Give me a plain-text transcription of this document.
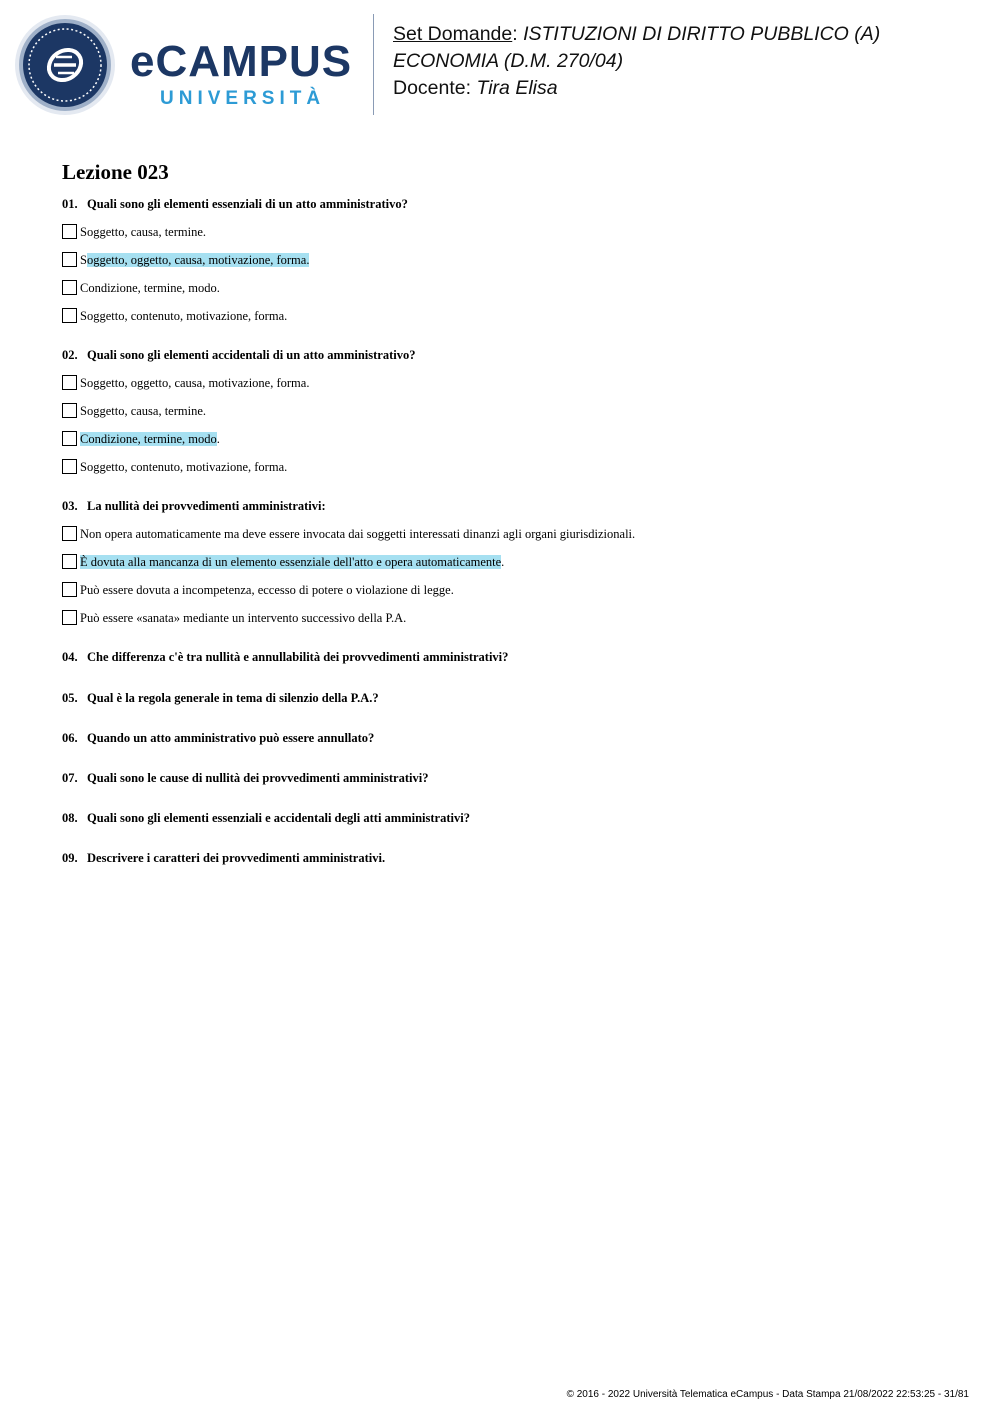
eCAMPUS
UNIVERSITÀ
Set Domande: ISTITUZIONI DI DIRITTO PUBBLICO (A)
ECONOMIA (D.M. 270/04)
Docente: Tira Elisa
Lezione 023
01. Quali sono gli elementi essenziali di un atto amministrativo?
Soggetto, causa, termine.
Soggetto, oggetto, causa, motivazione, forma.
Condizione, termine, modo.
Soggetto, contenuto, motivazione, forma.
02. Quali sono gli elementi accidentali di un atto amministrativo?
Soggetto, oggetto, causa, motivazione, forma.
Soggetto, causa, termine.
Condizione, termine, modo.
Soggetto, contenuto, motivazione, forma.
03. La nullità dei provvedimenti amministrativi:
Non opera automaticamente ma deve essere invocata dai soggetti interessati dinanzi agli organi giurisdizionali.
È dovuta alla mancanza di un elemento essenziale dell'atto e opera automaticamente.
Può essere dovuta a incompetenza, eccesso di potere o violazione di legge.
Può essere «sanata» mediante un intervento successivo della P.A.
04. Che differenza c'è tra nullità e annullabilità dei provvedimenti amministrativi?
05. Qual è la regola generale in tema di silenzio della P.A.?
06. Quando un atto amministrativo può essere annullato?
07. Quali sono le cause di nullità dei provvedimenti amministrativi?
08. Quali sono gli elementi essenziali e accidentali degli atti amministrativi?
09. Descrivere i caratteri dei provvedimenti amministrativi.
© 2016 - 2022 Università Telematica eCampus - Data Stampa 21/08/2022 22:53:25 - 31/81
